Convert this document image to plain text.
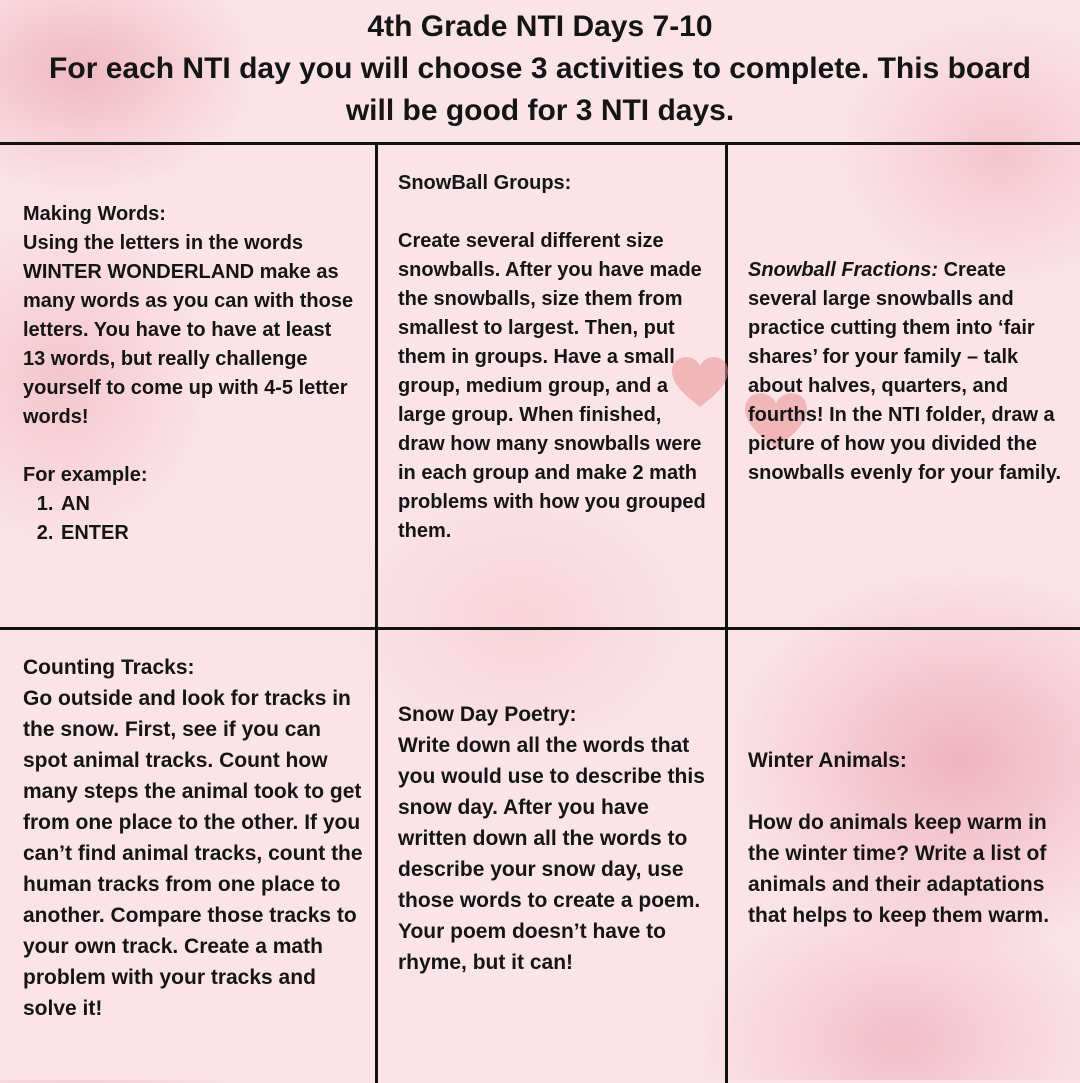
4th Grade NTI Days 7-10
For each NTI day you will choose 3 activities to complete. This board
will be good for 3 NTI days.

Making Words:

Using the letters in the words WINTER WONDERLAND make as many words as you can with those letters. You have to have at least 13 words, but really challenge yourself to come up with 4-5 letter words!

For example:

1. AN
2. ENTER

SnowBall Groups:

Create several different size snowballs. After you have made the snowballs, size them from smallest to largest. Then, put them in groups. Have a small group, medium group, and a large group. When finished, draw how many snowballs were in each group and make 2 math problems with how you grouped them.

Snowball Fractions: Create several large snowballs and practice cutting them into ‘fair shares’ for your family – talk about halves, quarters, and fourths! In the NTI folder, draw a picture of how you divided the snowballs evenly for your family.

Counting Tracks:

Go outside and look for tracks in the snow. First, see if you can spot animal tracks. Count how many steps the animal took to get from one place to the other. If you can’t find animal tracks, count the human tracks from one place to another. Compare those tracks to your own track. Create a math problem with your tracks and solve it!

Snow Day Poetry:

Write down all the words that you would use to describe this snow day. After you have written down all the words to describe your snow day, use those words to create a poem. Your poem doesn’t have to rhyme, but it can!

Winter Animals:

How do animals keep warm in the winter time? Write a list of animals and their adaptations that helps to keep them warm.
